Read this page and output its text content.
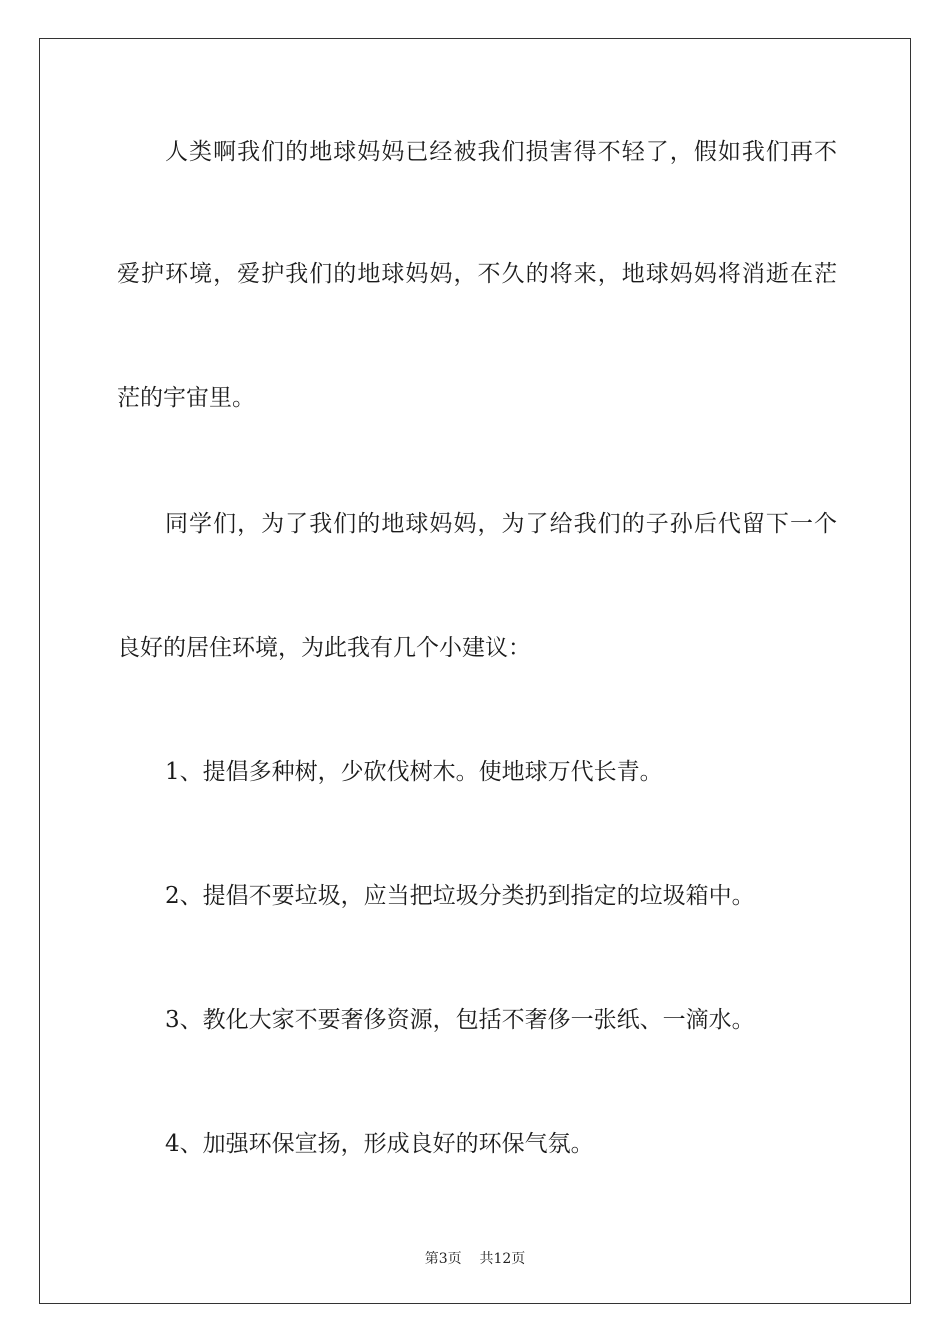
人类啊我们的地球妈妈已经被我们损害得不轻了，假如我们再不
爱护环境，爱护我们的地球妈妈，不久的将来，地球妈妈将消逝在茫
茫的宇宙里。
同学们，为了我们的地球妈妈，为了给我们的子孙后代留下一个
良好的居住环境，为此我有几个小建议：
1、提倡多种树，少砍伐树木。使地球万代长青。
2、提倡不要垃圾，应当把垃圾分类扔到指定的垃圾箱中。
3、教化大家不要奢侈资源，包括不奢侈一张纸、一滴水。
4、加强环保宣扬，形成良好的环保气氛。
第3页 共12页
